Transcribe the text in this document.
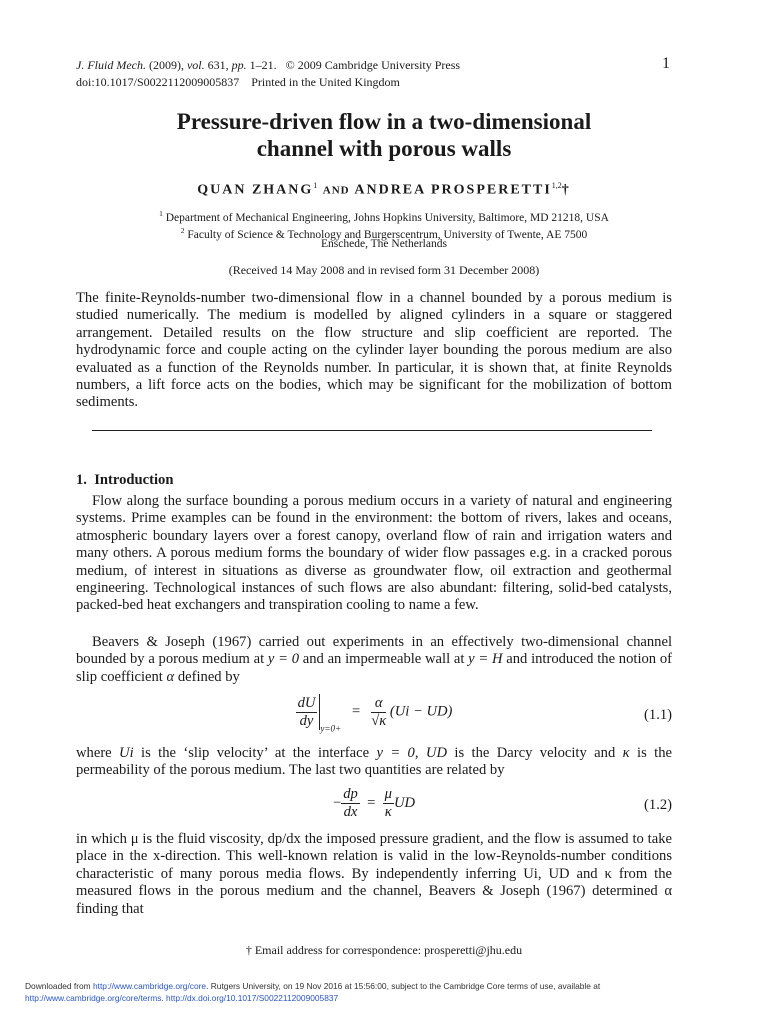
J. Fluid Mech. (2009), vol. 631, pp. 1–21. © 2009 Cambridge University Press
doi:10.1017/S0022112009005837 Printed in the United Kingdom
1
Pressure-driven flow in a two-dimensional
channel with porous walls
QUAN ZHANG$^1$ AND ANDREA PROSPERETTI$^{1,2}$†
$^1$ Department of Mechanical Engineering, Johns Hopkins University, Baltimore, MD 21218, USA
$^2$ Faculty of Science & Technology and Burgerscentrum, University of Twente, AE 7500
Enschede, The Netherlands
(Received 14 May 2008 and in revised form 31 December 2008)
The finite-Reynolds-number two-dimensional flow in a channel bounded by a porous medium is studied numerically. The medium is modelled by aligned cylinders in a square or staggered arrangement. Detailed results on the flow structure and slip coefficient are reported. The hydrodynamic force and couple acting on the cylinder layer bounding the porous medium are also evaluated as a function of the Reynolds number. In particular, it is shown that, at finite Reynolds numbers, a lift force acts on the bodies, which may be significant for the mobilization of bottom sediments.
1. Introduction
Flow along the surface bounding a porous medium occurs in a variety of natural and engineering systems. Prime examples can be found in the environment: the bottom of rivers, lakes and oceans, atmospheric boundary layers over a forest canopy, overland flow of rain and irrigation waters and many others. A porous medium forms the boundary of wider flow passages e.g. in a cracked porous medium, of interest in situations as diverse as groundwater flow, oil extraction and geothermal engineering. Technological instances of such flows are also abundant: filtering, solid-bed catalysts, packed-bed heat exchangers and transpiration cooling to name a few.
Beavers & Joseph (1967) carried out experiments in an effectively two-dimensional channel bounded by a porous medium at y = 0 and an impermeable wall at y = H and introduced the notion of slip coefficient α defined by
$\frac{dU}{dy} _{y=0+} = \frac{\alpha}{√\kappa} (Ui - UD)$	(1.1)
where Ui is the ‘slip velocity’ at the interface y = 0, UD is the Darcy velocity and κ is the permeability of the porous medium. The last two quantities are related by
− $\frac{dp}{dx} = \frac{\mu}{\kappa}$ UD	(1.2)
in which μ is the fluid viscosity, dp/dx the imposed pressure gradient, and the flow is assumed to take place in the x-direction. This well-known relation is valid in the low-Reynolds-number conditions characteristic of many porous media flows. By independently inferring Ui, UD and κ from the measured flows in the porous medium and the channel, Beavers & Joseph (1967) determined α finding that
† Email address for correspondence: prosperetti@jhu.edu
Downloaded from http://www.cambridge.org/core. Rutgers University, on 19 Nov 2016 at 15:56:00, subject to the Cambridge Core terms of use, available at
http://www.cambridge.org/core/terms. http://dx.doi.org/10.1017/S0022112009005837
